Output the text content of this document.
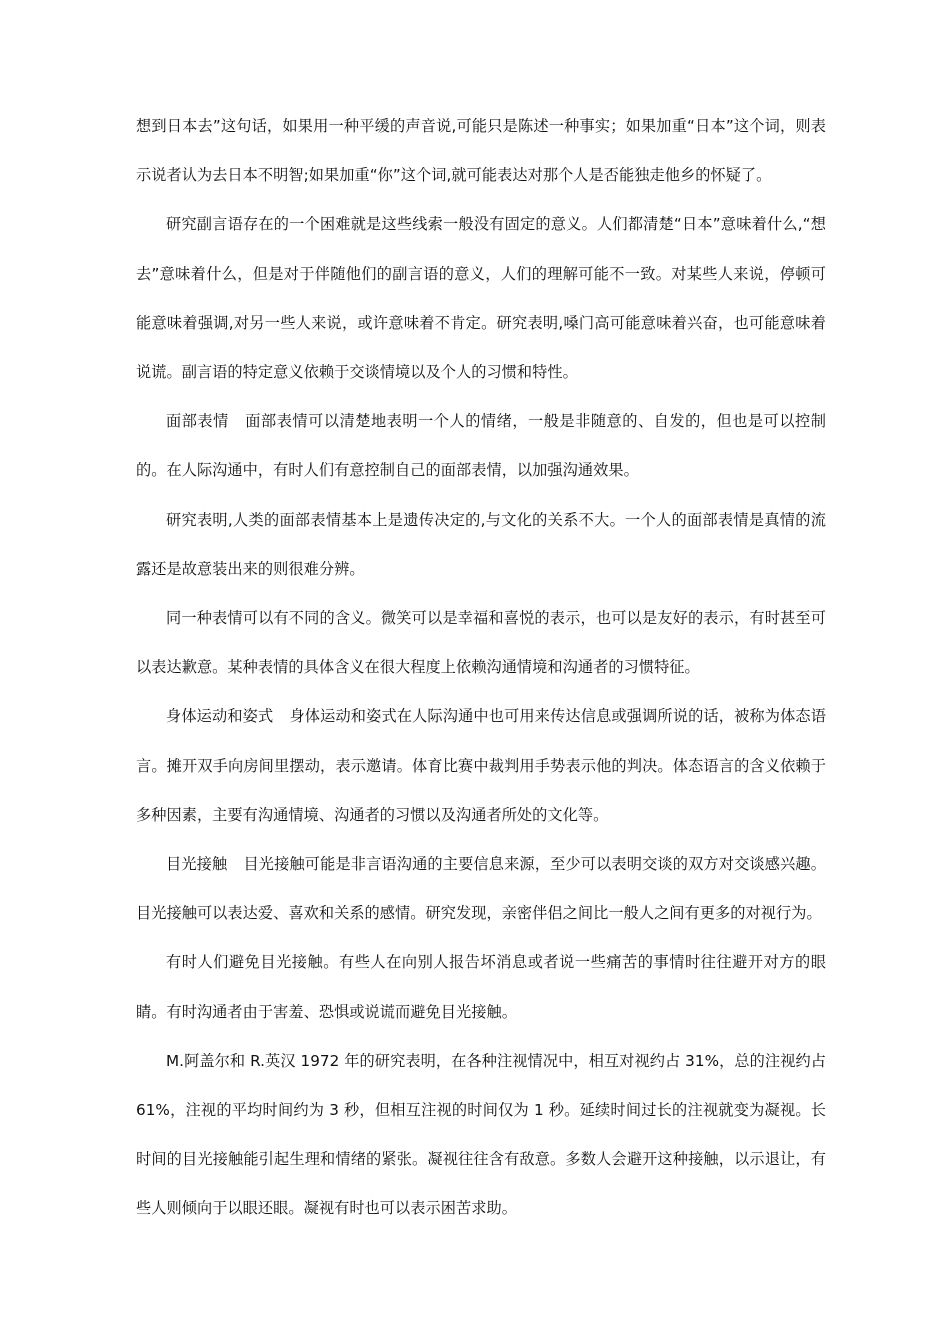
想到日本去”这句话，如果用一种平缓的声音说,可能只是陈述一种事实；如果加重“日本”这个词，则表示说者认为去日本不明智;如果加重“你”这个词,就可能表达对那个人是否能独走他乡的怀疑了。

研究副言语存在的一个困难就是这些线索一般没有固定的意义。人们都清楚“日本”意味着什么,“想去”意味着什么，但是对于伴随他们的副言语的意义，人们的理解可能不一致。对某些人来说，停顿可能意味着强调,对另一些人来说，或许意味着不肯定。研究表明,嗓门高可能意味着兴奋，也可能意味着说谎。副言语的特定意义依赖于交谈情境以及个人的习惯和特性。

面部表情 面部表情可以清楚地表明一个人的情绪，一般是非随意的、自发的，但也是可以控制的。在人际沟通中，有时人们有意控制自己的面部表情，以加强沟通效果。

研究表明,人类的面部表情基本上是遗传决定的,与文化的关系不大。一个人的面部表情是真情的流露还是故意装出来的则很难分辨。

同一种表情可以有不同的含义。微笑可以是幸福和喜悦的表示，也可以是友好的表示，有时甚至可以表达歉意。某种表情的具体含义在很大程度上依赖沟通情境和沟通者的习惯特征。

身体运动和姿式 身体运动和姿式在人际沟通中也可用来传达信息或强调所说的话，被称为体态语言。摊开双手向房间里摆动，表示邀请。体育比赛中裁判用手势表示他的判决。体态语言的含义依赖于多种因素，主要有沟通情境、沟通者的习惯以及沟通者所处的文化等。

目光接触 目光接触可能是非言语沟通的主要信息来源，至少可以表明交谈的双方对交谈感兴趣。目光接触可以表达爱、喜欢和关系的感情。研究发现，亲密伴侣之间比一般人之间有更多的对视行为。

有时人们避免目光接触。有些人在向别人报告坏消息或者说一些痛苦的事情时往往避开对方的眼睛。有时沟通者由于害羞、恐惧或说谎而避免目光接触。

M.阿盖尔和 R.英汉 1972 年的研究表明，在各种注视情况中，相互对视约占 31%，总的注视约占 61%，注视的平均时间约为 3 秒，但相互注视的时间仅为 1 秒。延续时间过长的注视就变为凝视。长时间的目光接触能引起生理和情绪的紧张。凝视往往含有敌意。多数人会避开这种接触，以示退让，有些人则倾向于以眼还眼。凝视有时也可以表示困苦求助。
